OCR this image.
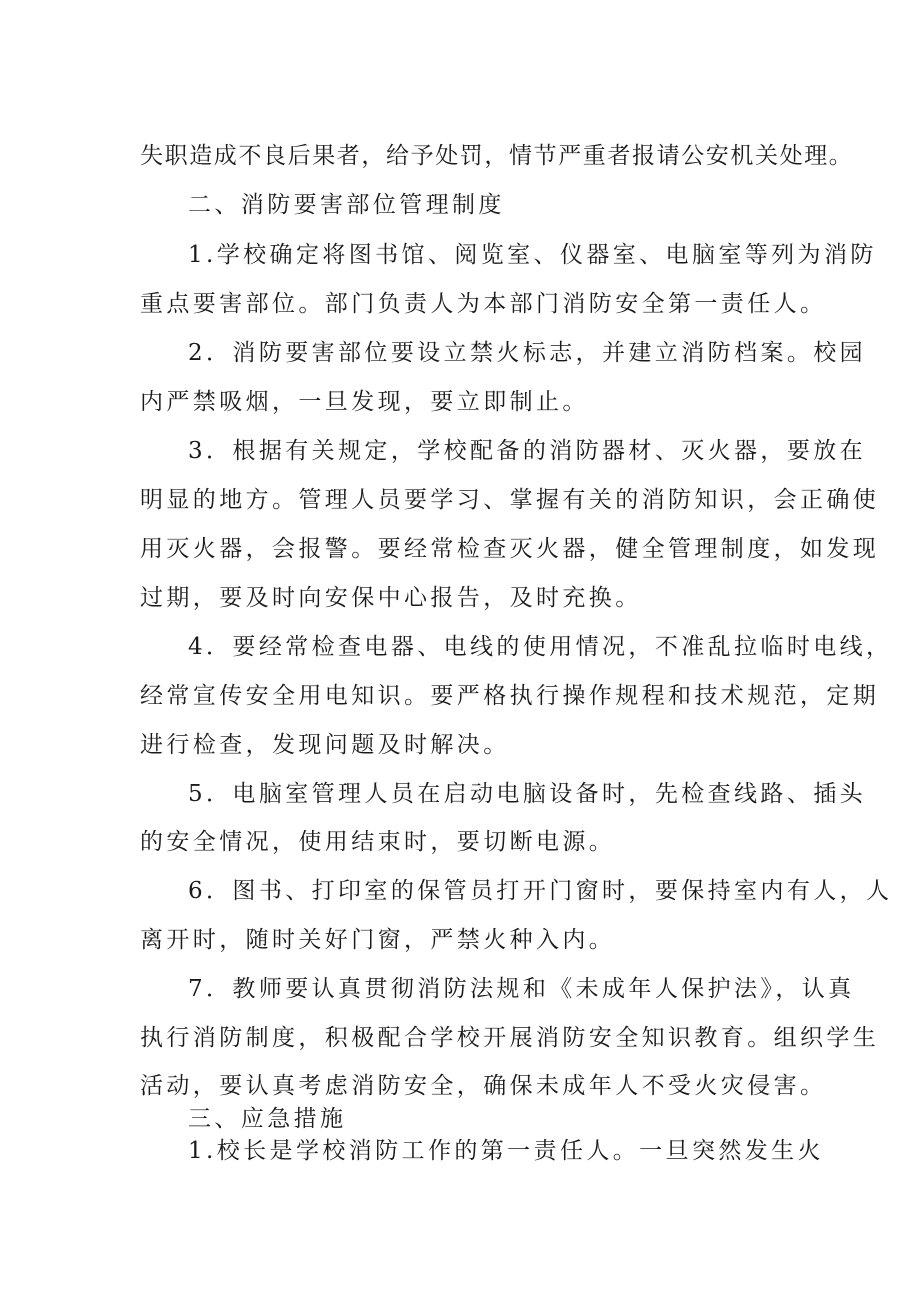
失职造成不良后果者，给予处罚，情节严重者报请公安机关处理。
二、消防要害部位管理制度
1.学校确定将图书馆、阅览室、仪器室、电脑室等列为消防
重点要害部位。部门负责人为本部门消防安全第一责任人。
2．消防要害部位要设立禁火标志，并建立消防档案。校园
内严禁吸烟，一旦发现，要立即制止。
3．根据有关规定，学校配备的消防器材、灭火器，要放在
明显的地方。管理人员要学习、掌握有关的消防知识，会正确使
用灭火器，会报警。要经常检查灭火器，健全管理制度，如发现
过期，要及时向安保中心报告，及时充换。
4．要经常检查电器、电线的使用情况，不准乱拉临时电线，
经常宣传安全用电知识。要严格执行操作规程和技术规范，定期
进行检查，发现问题及时解决。
5．电脑室管理人员在启动电脑设备时，先检查线路、插头
的安全情况，使用结束时，要切断电源。
6．图书、打印室的保管员打开门窗时，要保持室内有人，人
离开时，随时关好门窗，严禁火种入内。
7．教师要认真贯彻消防法规和《未成年人保护法》，认真
执行消防制度，积极配合学校开展消防安全知识教育。组织学生
活动，要认真考虑消防安全，确保未成年人不受火灾侵害。
三、应急措施
1.校长是学校消防工作的第一责任人。一旦突然发生火
